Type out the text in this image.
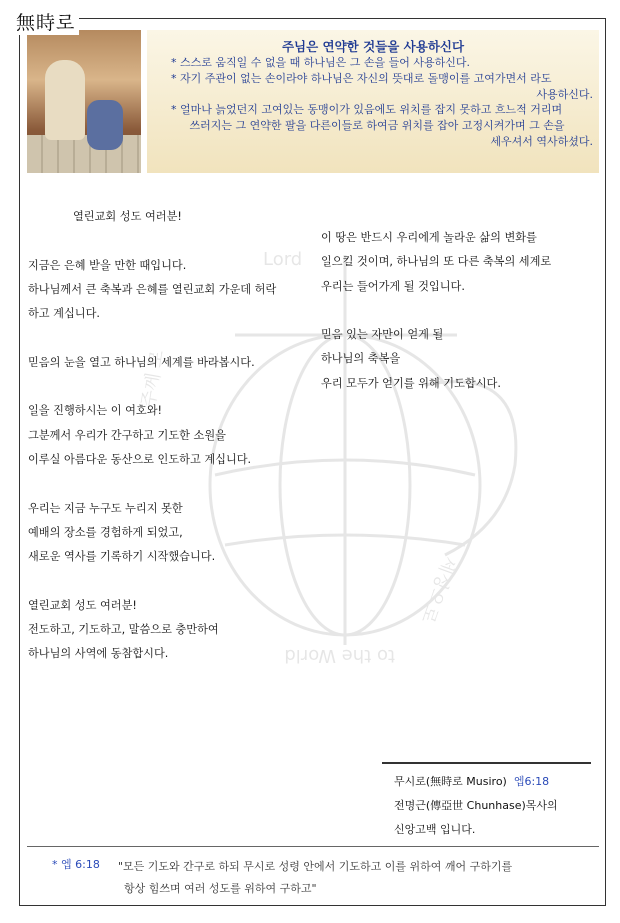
無時로
주님은 연약한 것들을 사용하신다
* 스스로 움직일 수 없을 때 하나님은 그 손을 들어 사용하신다.
* 자기 주관이 없는 손이라야 하나님은 자신의 뜻대로 돌맹이를 고여가면서 라도
사용하신다.
* 얼마나 늙었던지 고여있는 동맹이가 있음에도 위치를 잡지 못하고 흐느적 거리며
쓰러지는 그 연약한 팔을 다른이들로 하여금 위치를 잡아 고정시켜가며 그 손을
세우셔서 역사하셨다.
Lord
세상으로
to the World
주께 로

열린교회 성도 여러분!

지금은 은혜 받을 만한 때입니다.

하나님께서 큰 축복과 은혜를 열린교회 가운데 허락

하고 계십니다.

믿음의 눈을 열고 하나님의 세계를 바라봅시다.

일을 진행하시는 이 여호와!

그분께서 우리가 간구하고 기도한 소원을

이루실 아름다운 동산으로 인도하고 계십니다.

우리는 지금 누구도 누리지 못한

예배의 장소를 경험하게 되었고,

새로운 역사를 기록하기 시작했습니다.

열린교회 성도 여러분!

전도하고, 기도하고, 말씀으로 충만하여

하나님의 사역에 동참합시다.

이 땅은 반드시 우리에게 놀라운 삶의 변화를

일으킬 것이며, 하나님의 또 다른 축복의 세계로

우리는 들어가게 될 것입니다.

믿음 있는 자만이 얻게 될

하나님의 축복을

우리 모두가 얻기를 위해 기도합시다.

무시로(無時로 Musiro) 엡6:18

전명근(傳亞世 Chunhase)목사의

신앙고백 입니다.

* 엡 6:18 "모든 기도와 간구로 하되 무시로 성령 안에서 기도하고 이를 위하여 깨어 구하기를

항상 힘쓰며 여러 성도를 위하여 구하고"
